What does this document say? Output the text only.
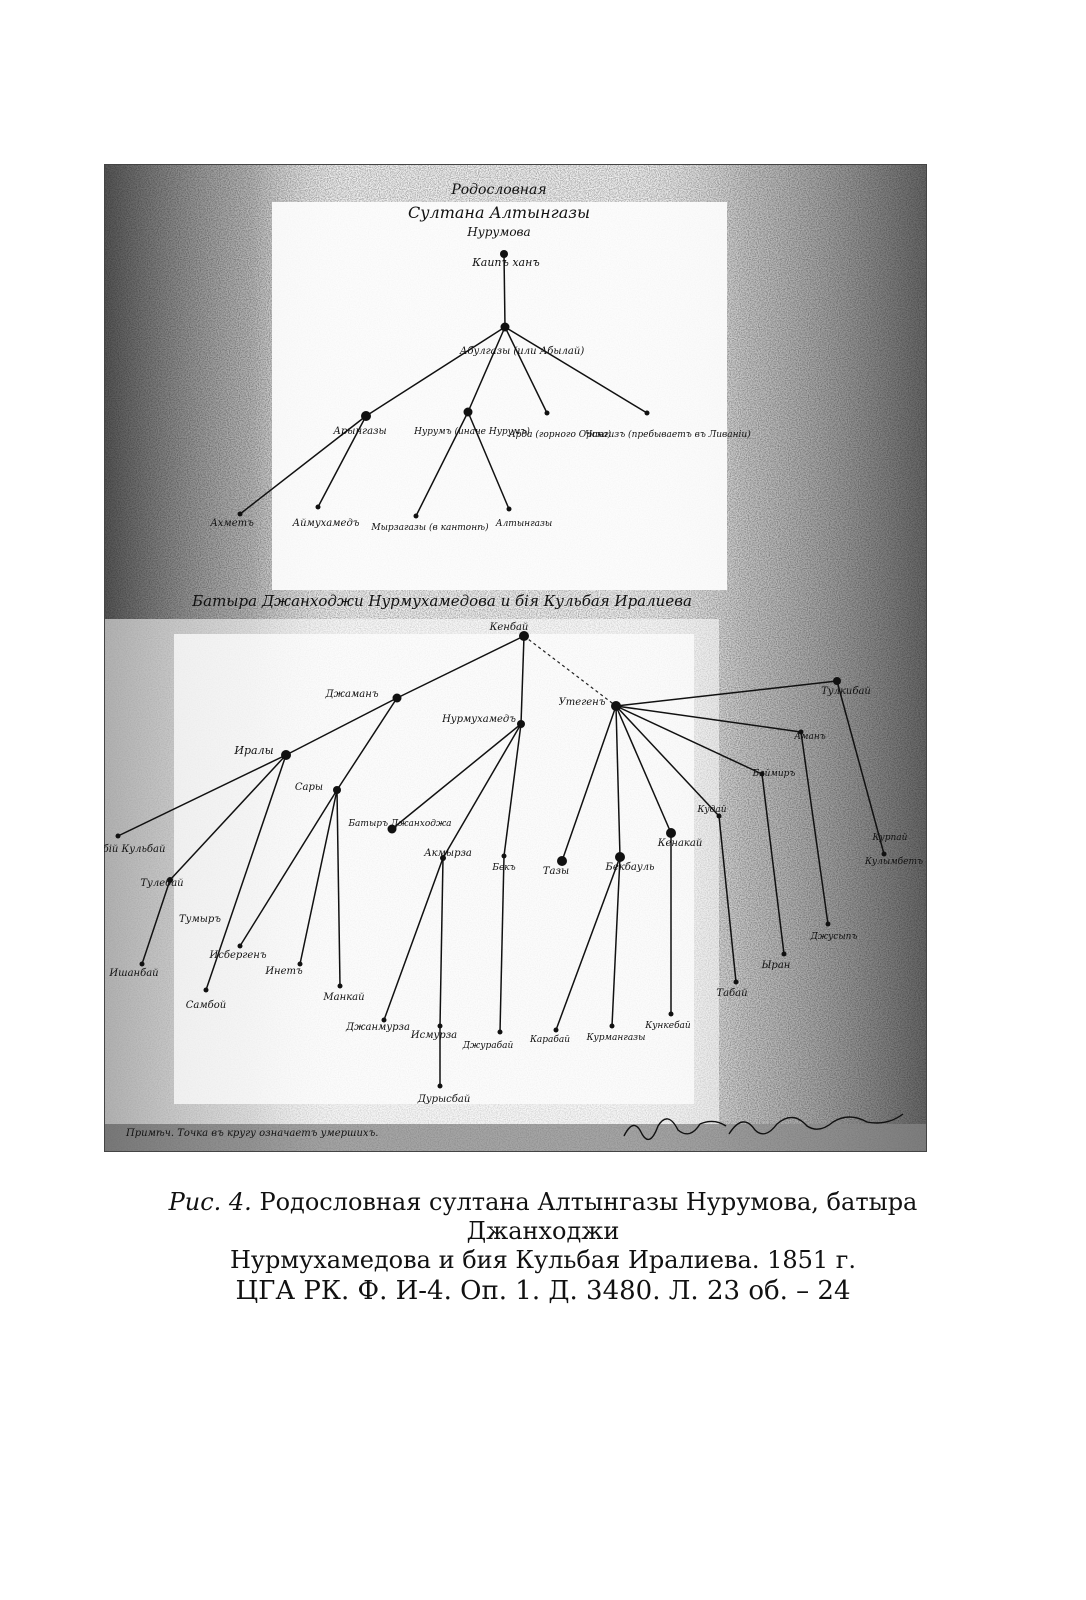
Родословная
Султана Алтынгазы
Нурумова
Каипъ ханъ
Абулгазы (или Абылай)
Арынгазы	Нурумъ (иначе Нурумъ)
Арда (горного Орска)
Чингизъ (пребываетъ въ Ливаніи)
Ахметъ	Аймухамедъ Мырзагазы (в кантонѣ) Алтынгазы
Батыра Джанходжи Нурмухамедова и бія Кульбая Иралиева
Кенбай
Джаманъ
Нурмухамедъ
Утегенъ
Тулкибай
Иралы
Сары
бій Кульбай
Тулебай
Тумыръ
Ишанбай
Самбой
Исбергенъ
Инетъ
Манкай
Батыръ Джанходжа
Акмырза
Бекъ	Тазы	Бекбауль
Кенакай
Кудай
Баймиръ
Аманъ
Кулымбетъ
Джанмурза
Исмурза
Джурабай
Карабай
Кункебай
Курмангазы
Табай
Ыран
Джусыпъ
Курпай
Дурысбай
Примѣч. Точка въ кругу означаетъ умершихъ.
Рис. 4. Родословная султана Алтынгазы Нурумова, батыра Джанходжи
Нурмухамедова и бия Кульбая Иралиева. 1851 г.
ЦГА РК. Ф. И-4. Оп. 1. Д. 3480. Л. 23 об. – 24
